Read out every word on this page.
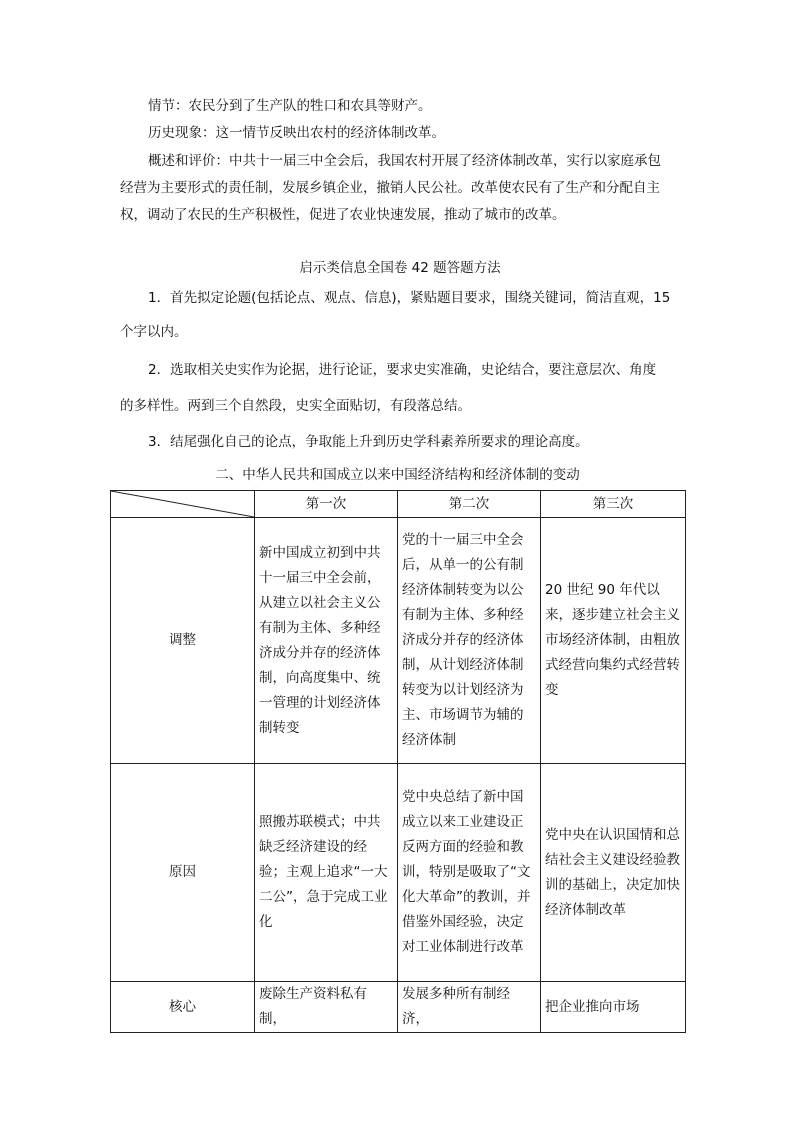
情节：农民分到了生产队的牲口和农具等财产。
历史现象：这一情节反映出农村的经济体制改革。
概述和评价：中共十一届三中全会后，我国农村开展了经济体制改革，实行以家庭承包
经营为主要形式的责任制，发展乡镇企业，撤销人民公社。改革使农民有了生产和分配自主
权，调动了农民的生产积极性，促进了农业快速发展，推动了城市的改革。
启示类信息全国卷 42 题答题方法
1．首先拟定论题(包括论点、观点、信息)，紧贴题目要求，围绕关键词，简洁直观，15
个字以内。
2．选取相关史实作为论据，进行论证，要求史实准确，史论结合，要注意层次、角度
的多样性。两到三个自然段，史实全面贴切，有段落总结。
3．结尾强化自己的论点，争取能上升到历史学科素养所要求的理论高度。
二、中华人民共和国成立以来中国经济结构和经济体制的变动
	第一次	第二次	第三次
调整	新中国成立初到中共十一届三中全会前，从建立以社会主义公有制为主体、多种经济成分并存的经济体制，向高度集中、统一管理的计划经济体制转变	党的十一届三中全会后，从单一的公有制经济体制转变为以公有制为主体、多种经济成分并存的经济体制，从计划经济体制转变为以计划经济为主、市场调节为辅的经济体制	20 世纪 90 年代以来，逐步建立社会主义市场经济体制，由粗放式经营向集约式经营转变
原因	照搬苏联模式；中共缺乏经济建设的经验；主观上追求“一大二公”，急于完成工业化	党中央总结了新中国成立以来工业建设正反两方面的经验和教训，特别是吸取了“文化大革命”的教训，并借鉴外国经验，决定对工业体制进行改革	党中央在认识国情和总结社会主义建设经验教训的基础上，决定加快经济体制改革
核心	废除生产资料私有制，	发展多种所有制经济，	把企业推向市场
